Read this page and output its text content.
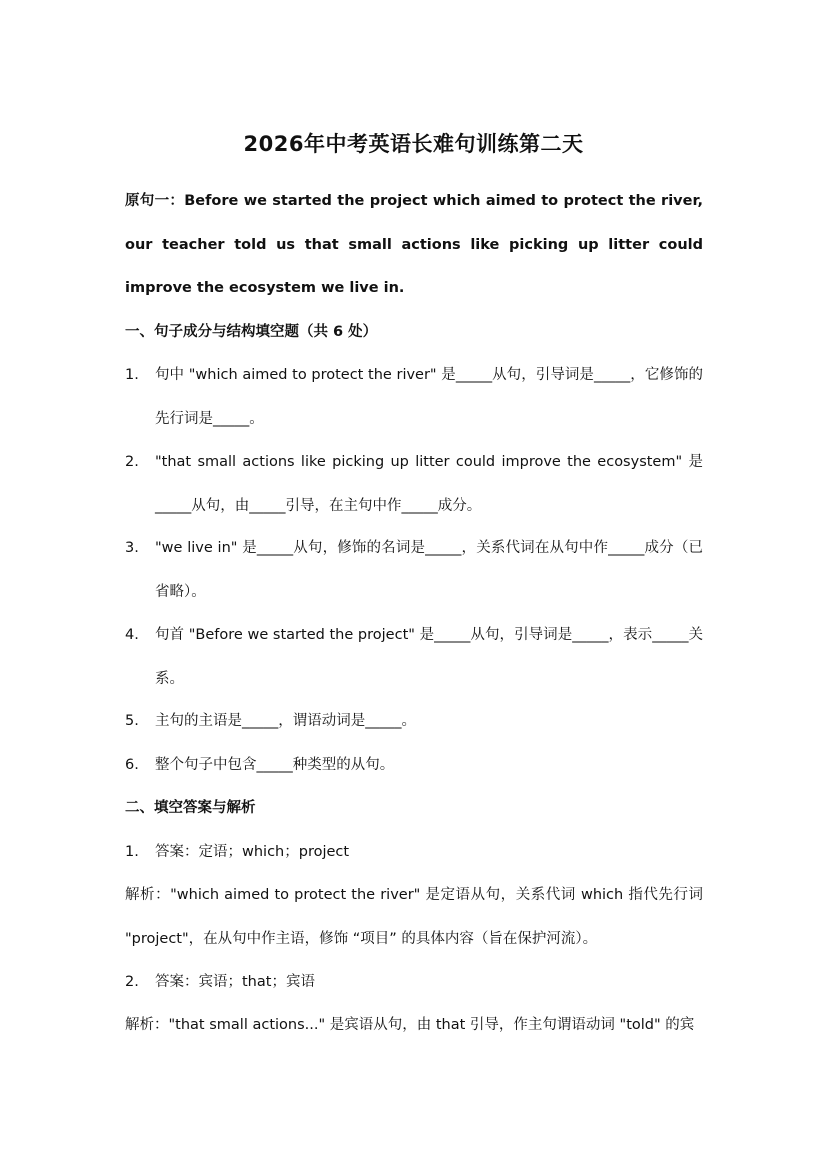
2026年中考英语长难句训练第二天
原句一：Before we started the project which aimed to protect the river, our teacher told us that small actions like picking up litter could improve the ecosystem we live in.
一、句子成分与结构填空题（共 6 处）
1.	句中 "which aimed to protect the river" 是_____从句，引导词是_____，它修饰的先行词是_____。
2.	"that small actions like picking up litter could improve the ecosystem" 是_____从句，由_____引导，在主句中作_____成分。
3.	"we live in" 是_____从句，修饰的名词是_____，关系代词在从句中作_____成分（已省略）。
4.	句首 "Before we started the project" 是_____从句，引导词是_____，表示_____关系。
5.	主句的主语是_____，谓语动词是_____。
6.	整个句子中包含_____种类型的从句。
二、填空答案与解析
1.	答案：定语；which；project
解析："which aimed to protect the river" 是定语从句，关系代词 which 指代先行词 "project"，在从句中作主语，修饰 “项目” 的具体内容（旨在保护河流）。
2.	答案：宾语；that；宾语
解析："that small actions..." 是宾语从句，由 that 引导，作主句谓语动词 "told" 的宾
